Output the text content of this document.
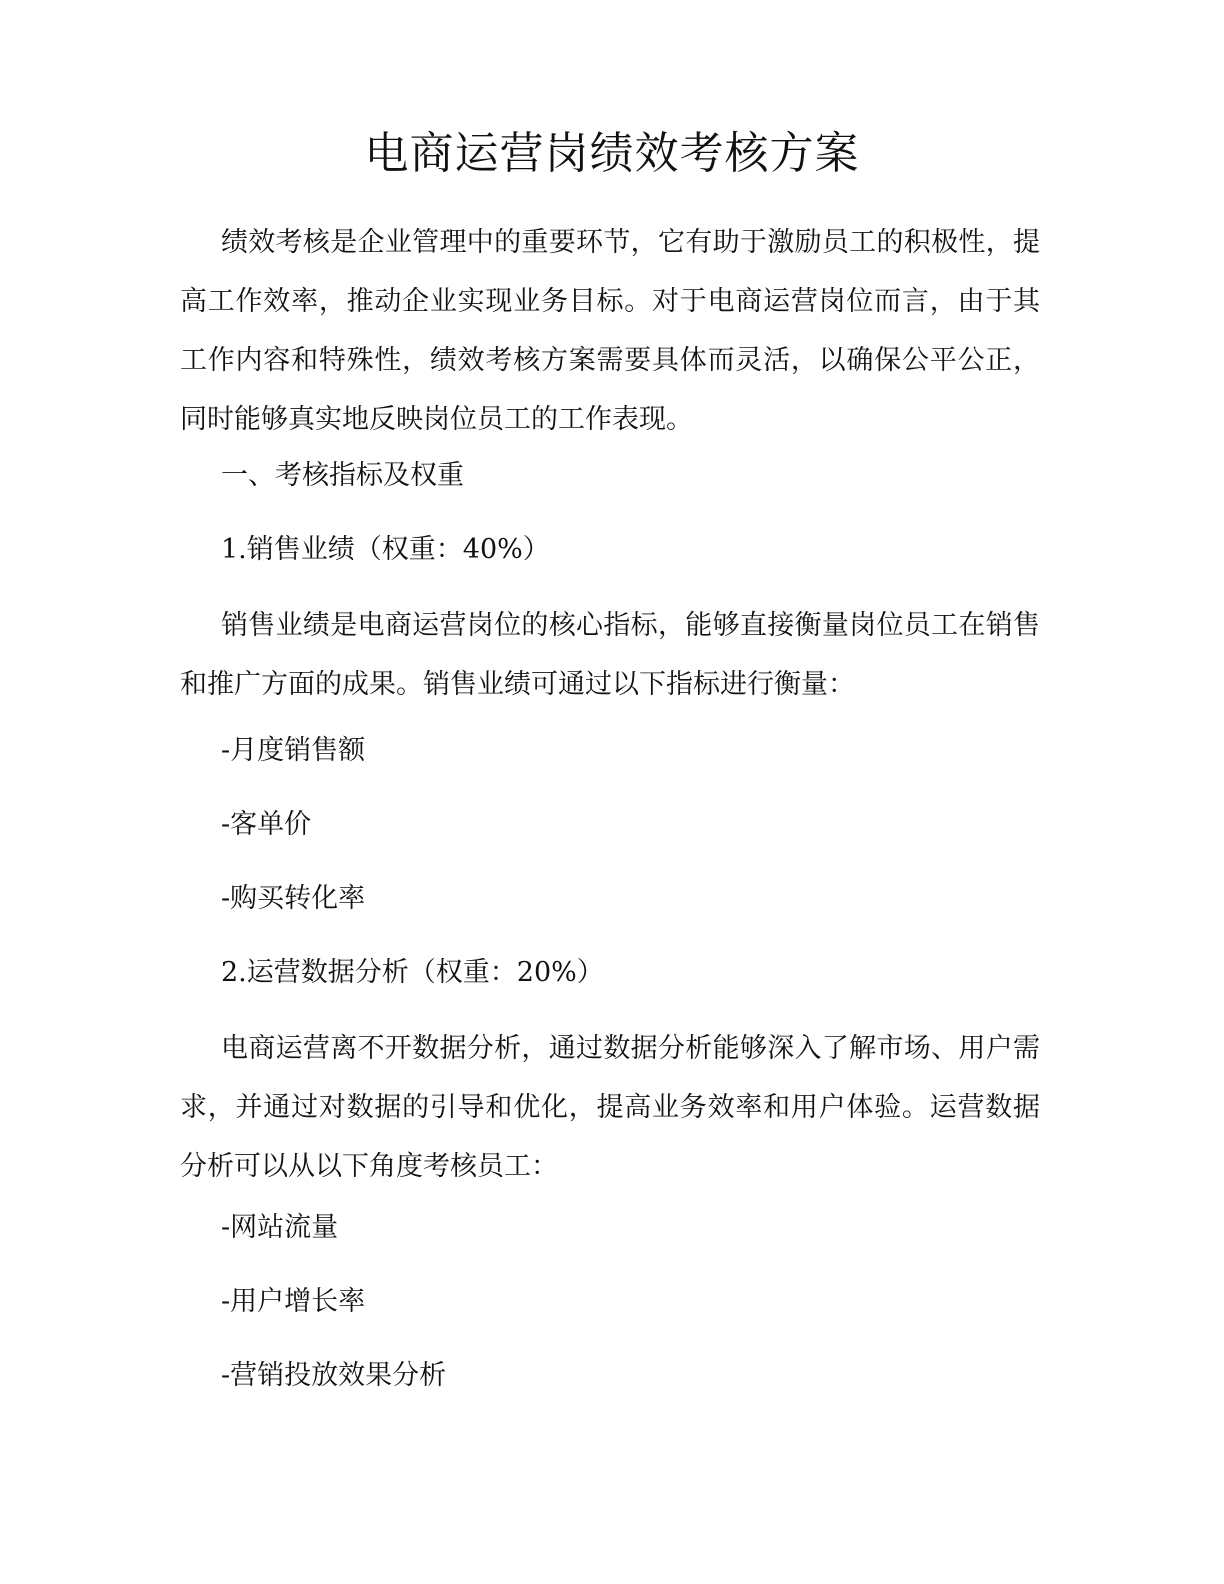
电商运营岗绩效考核方案

绩效考核是企业管理中的重要环节，它有助于激励员工的积极性，提高工作效率，推动企业实现业务目标。对于电商运营岗位而言，由于其工作内容和特殊性，绩效考核方案需要具体而灵活，以确保公平公正，同时能够真实地反映岗位员工的工作表现。

一、考核指标及权重

1.销售业绩（权重：40%）

销售业绩是电商运营岗位的核心指标，能够直接衡量岗位员工在销售和推广方面的成果。销售业绩可通过以下指标进行衡量：

-月度销售额

-客单价

-购买转化率

2.运营数据分析（权重：20%）

电商运营离不开数据分析，通过数据分析能够深入了解市场、用户需求，并通过对数据的引导和优化，提高业务效率和用户体验。运营数据分析可以从以下角度考核员工：

-网站流量

-用户增长率

-营销投放效果分析
